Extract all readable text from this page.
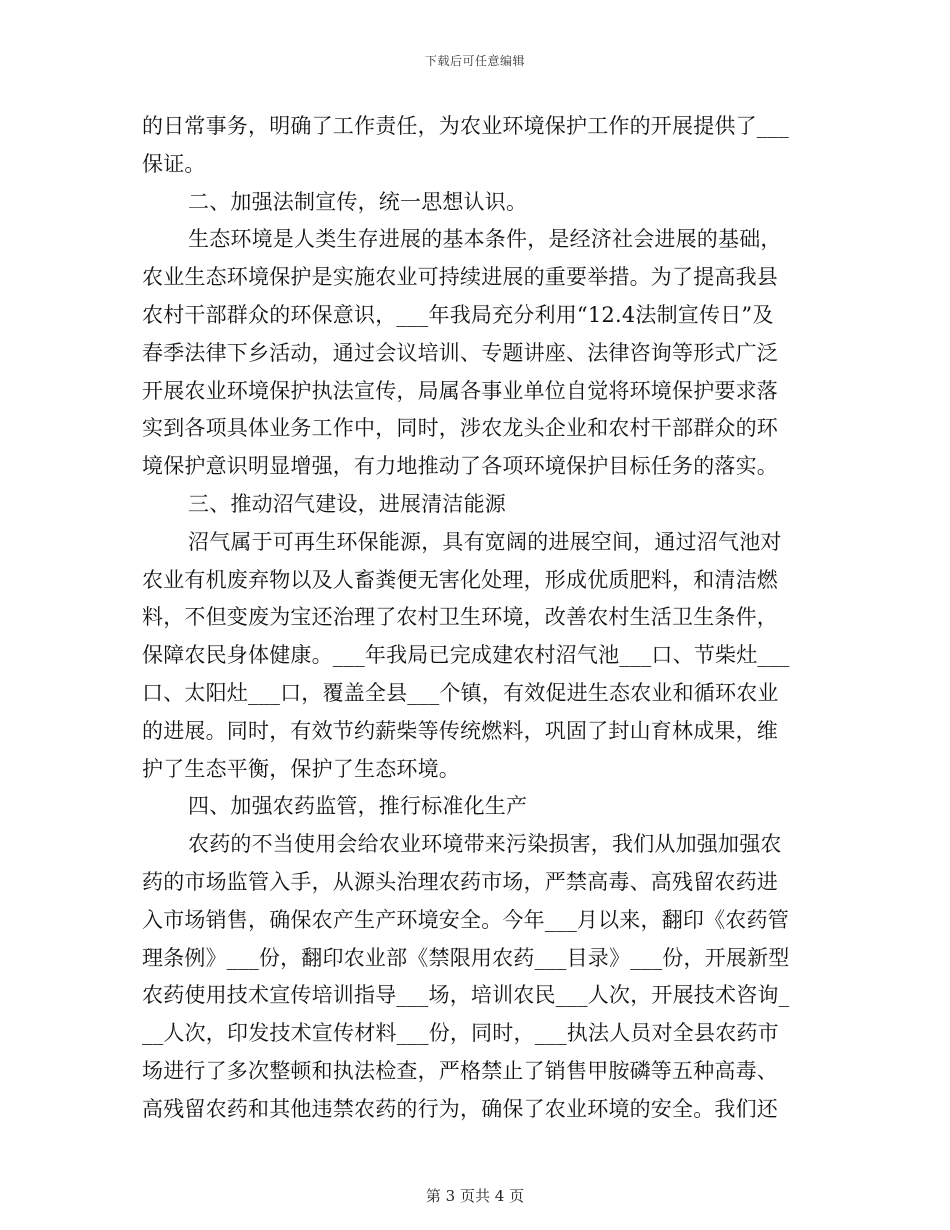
下载后可任意编辑
的日常事务，明确了工作责任，为农业环境保护工作的开展提供了___
保证。
二、加强法制宣传，统一思想认识。
生态环境是人类生存进展的基本条件，是经济社会进展的基础，
农业生态环境保护是实施农业可持续进展的重要举措。为了提高我县
农村干部群众的环保意识，___年我局充分利用“12.4法制宣传日”及
春季法律下乡活动，通过会议培训、专题讲座、法律咨询等形式广泛
开展农业环境保护执法宣传，局属各事业单位自觉将环境保护要求落
实到各项具体业务工作中，同时，涉农龙头企业和农村干部群众的环
境保护意识明显增强，有力地推动了各项环境保护目标任务的落实。
三、推动沼气建设，进展清洁能源
沼气属于可再生环保能源，具有宽阔的进展空间，通过沼气池对
农业有机废弃物以及人畜粪便无害化处理，形成优质肥料，和清洁燃
料，不但变废为宝还治理了农村卫生环境，改善农村生活卫生条件，
保障农民身体健康。___年我局已完成建农村沼气池___口、节柴灶___
口、太阳灶___口，覆盖全县___个镇，有效促进生态农业和循环农业
的进展。同时，有效节约薪柴等传统燃料，巩固了封山育林成果，维
护了生态平衡，保护了生态环境。
四、加强农药监管，推行标准化生产
农药的不当使用会给农业环境带来污染损害，我们从加强加强农
药的市场监管入手，从源头治理农药市场，严禁高毒、高残留农药进
入市场销售，确保农产生产环境安全。今年___月以来，翻印《农药管
理条例》___份，翻印农业部《禁限用农药___目录》___份，开展新型
农药使用技术宣传培训指导___场，培训农民___人次，开展技术咨询_
__人次，印发技术宣传材料___份，同时，___执法人员对全县农药市
场进行了多次整顿和执法检查，严格禁止了销售甲胺磷等五种高毒、
高残留农药和其他违禁农药的行为，确保了农业环境的安全。我们还
第 3 页共 4 页
